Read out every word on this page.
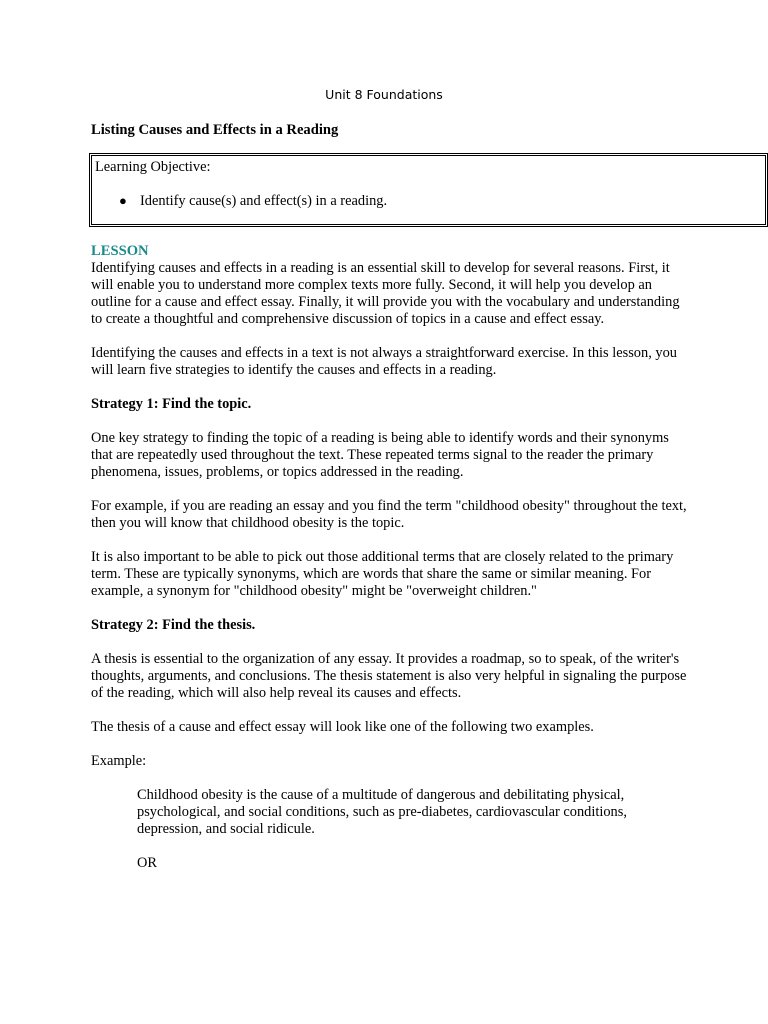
Unit 8 Foundations
Listing Causes and Effects in a Reading
Learning Objective:
● Identify cause(s) and effect(s) in a reading.
LESSON

Identifying causes and effects in a reading is an essential skill to develop for several reasons. First, it will enable you to understand more complex texts more fully. Second, it will help you develop an outline for a cause and effect essay. Finally, it will provide you with the vocabulary and understanding to create a thoughtful and comprehensive discussion of topics in a cause and effect essay.

Identifying the causes and effects in a text is not always a straightforward exercise. In this lesson, you will learn five strategies to identify the causes and effects in a reading.

Strategy 1: Find the topic.

One key strategy to finding the topic of a reading is being able to identify words and their synonyms that are repeatedly used throughout the text. These repeated terms signal to the reader the primary phenomena, issues, problems, or topics addressed in the reading.

For example, if you are reading an essay and you find the term "childhood obesity" throughout the text, then you will know that childhood obesity is the topic.

It is also important to be able to pick out those additional terms that are closely related to the primary term. These are typically synonyms, which are words that share the same or similar meaning. For example, a synonym for "childhood obesity" might be "overweight children."

Strategy 2: Find the thesis.

A thesis is essential to the organization of any essay. It provides a roadmap, so to speak, of the writer's thoughts, arguments, and conclusions. The thesis statement is also very helpful in signaling the purpose of the reading, which will also help reveal its causes and effects.

The thesis of a cause and effect essay will look like one of the following two examples.

Example:

Childhood obesity is the cause of a multitude of dangerous and debilitating physical, psychological, and social conditions, such as pre-diabetes, cardiovascular conditions, depression, and social ridicule.

OR
